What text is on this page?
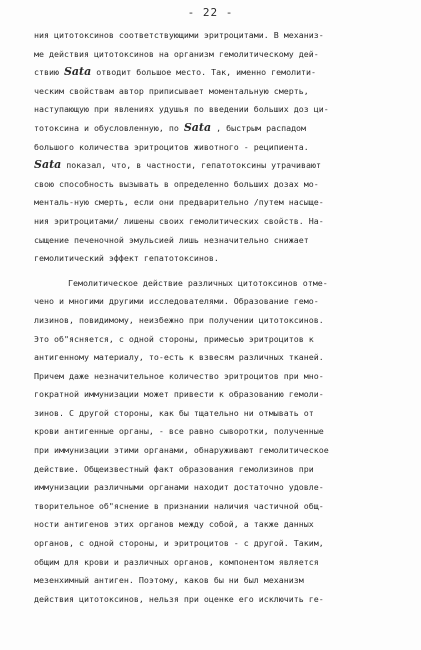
- 22 -
ния цитотоксинов соответствующими эритроцитами. В механиз-
ме действия цитотоксинов на организм гемолитическому дей-
ствию Sata отводит большое место. Так, именно гемолити-
ческим свойствам автор приписывает моментальную смерть,
наступающую при явлениях удушья по введении больших доз ци-
тотоксина и обусловленную, по Sata , быстрым распадом
большого количества эритроцитов животного - реципиента.
Sata показал, что, в частности, гепатотоксины утрачивают
свою способность вызывать в определенно больших дозах мо-
менталь-ную смерть, если они предварительно /путем насыще-
ния эритроцитами/ лишены своих гемолитических свойств. На-
сыщение печеночной эмульсией лишь незначительно снижает
гемолитический эффект гепатотоксинов.
Гемолитическое действие различных цитотоксинов отме-
чено и многими другими исследователями. Образование гемо-
лизинов, повидимому, неизбежно при получении цитотоксинов.
Это об"ясняется, с одной стороны, примесью эритроцитов к
антигенному материалу, то-есть к взвесям различных тканей.
Причем даже незначительное количество эритроцитов при мно-
гократной иммунизации может привести к образованию гемоли-
зинов. С другой стороны, как бы тщательно ни отмывать от
крови антигенные органы, - все равно сыворотки, полученные
при иммунизации этими органами, обнаруживают гемолитическое
действие. Общеизвестный факт образования гемолизинов при
иммунизации различными органами находит достаточно удовле-
творительное об"яснение в признании наличия частичной общ-
ности антигенов этих органов между собой, а также данных
органов, с одной стороны, и эритроцитов - с другой. Таким,
общим для крови и различных органов, компонентом является
мезенхимный антиген. Поэтому, каков бы ни был механизм
действия цитотоксинов, нельзя при оценке его исключить ге-
